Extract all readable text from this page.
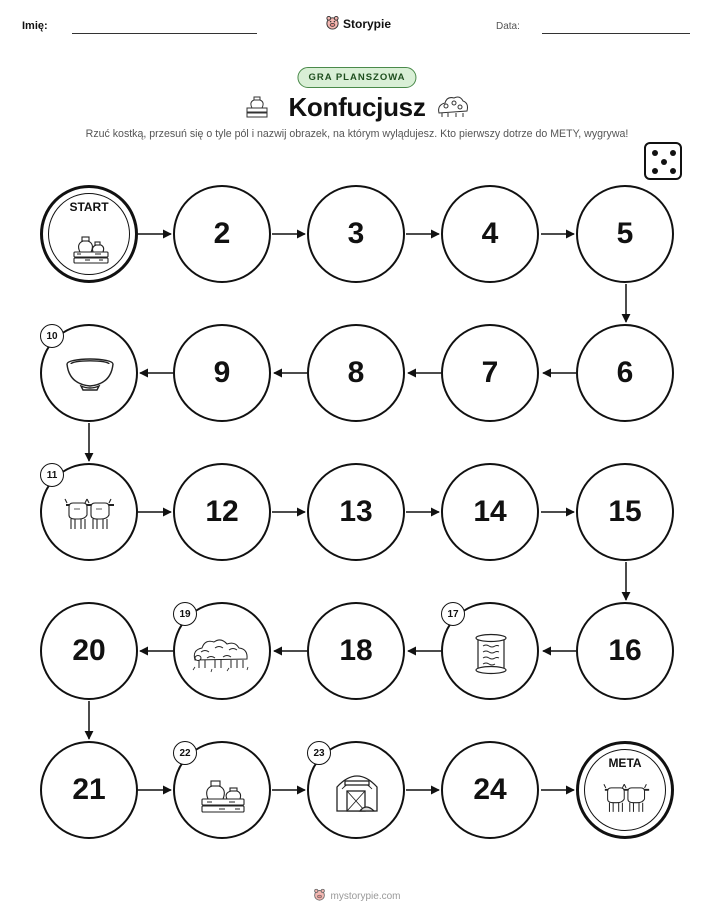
Imię:	Storypie	Data:
GRA PLANSZOWA
Konfucjusz
Rzuć kostką, przesuń się o tyle pól i nazwij obrazek, na którym wylądujesz. Kto pierwszy dotrze do METY, wygrywa!
START
2	3	4	5
10
9	8	7	6
11
12	13	14	15
20
19
18
17
16
21
22	23
24
META
mystorypie.com
